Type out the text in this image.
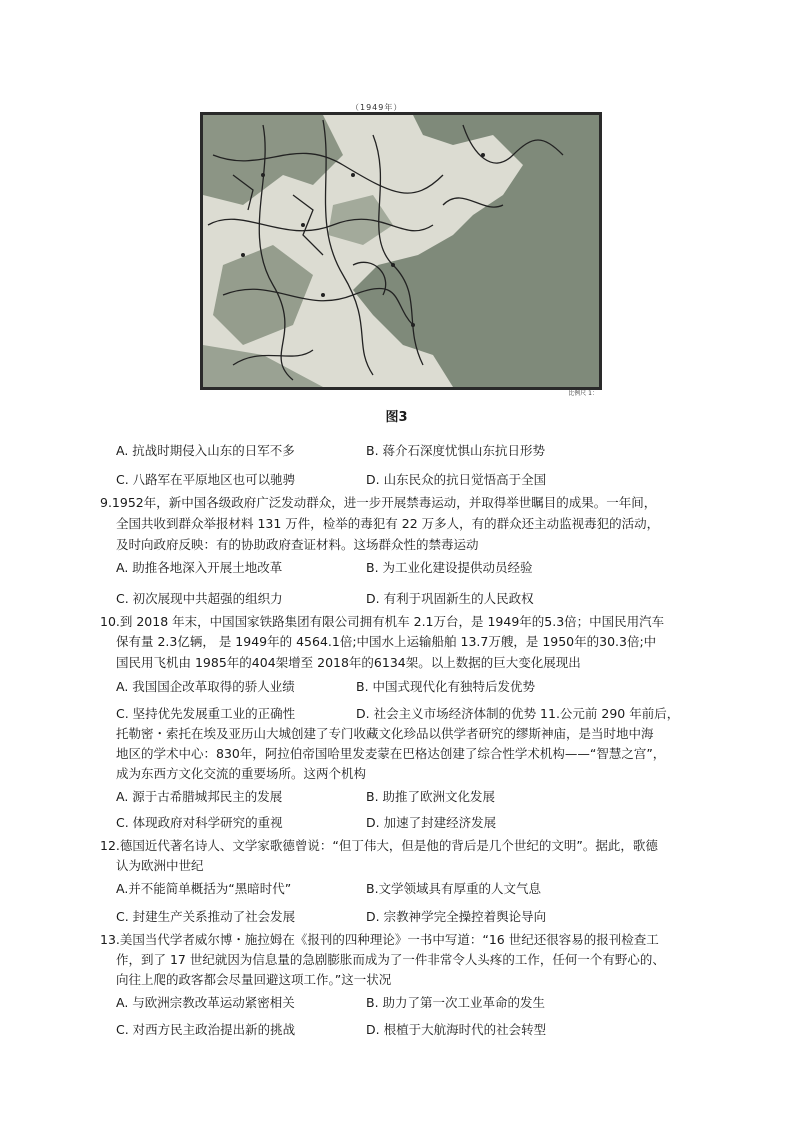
（1949年）
比例尺 1：
图3
A. 抗战时期侵入山东的日军不多	B. 蒋介石深度忧惧山东抗日形势
C. 八路军在平原地区也可以驰骋	D. 山东民众的抗日觉悟高于全国
9.1952年，新中国各级政府广泛发动群众，进一步开展禁毒运动，并取得举世瞩目的成果。一年间，
全国共收到群众举报材料 131 万件，检举的毒犯有 22 万多人，有的群众还主动监视毒犯的活动，
及时向政府反映：有的协助政府查证材料。这场群众性的禁毒运动
A. 助推各地深入开展土地改革	B. 为工业化建设提供动员经验
C. 初次展现中共超强的组织力	D. 有利于巩固新生的人民政权
10.到 2018 年末，中国国家铁路集团有限公司拥有机车 2.1万台，是 1949年的5.3倍；中国民用汽车
保有量 2.3亿辆， 是 1949年的 4564.1倍;中国水上运输船舶 13.7万艘，是 1950年的30.3倍;中
国民用飞机由 1985年的404架增至 2018年的6134架。以上数据的巨大变化展现出
A. 我国国企改革取得的骄人业绩	B. 中国式现代化有独特后发优势
C. 坚持优先发展重工业的正确性	D. 社会主义市场经济体制的优势 11.公元前 290 年前后，
托勒密・索托在埃及亚历山大城创建了专门收藏文化珍品以供学者研究的缪斯神庙，是当时地中海
地区的学术中心：830年，阿拉伯帝国哈里发麦蒙在巴格达创建了综合性学术机构——“智慧之宫”，
成为东西方文化交流的重要场所。这两个机构
A. 源于古希腊城邦民主的发展	B. 助推了欧洲文化发展
C. 体现政府对科学研究的重视	D. 加速了封建经济发展
12.德国近代著名诗人、文学家歌德曾说：“但丁伟大，但是他的背后是几个世纪的文明”。据此，歌德
认为欧洲中世纪
A.并不能简单概括为“黑暗时代”	B.文学领域具有厚重的人文气息
C. 封建生产关系推动了社会发展	D. 宗教神学完全操控着舆论导向
13.美国当代学者威尔博・施拉姆在《报刊的四种理论》一书中写道：“16 世纪还很容易的报刊检查工
作，到了 17 世纪就因为信息量的急剧膨胀而成为了一件非常令人头疼的工作，任何一个有野心的、
向往上爬的政客都会尽量回避这项工作。”这一状况
A. 与欧洲宗教改革运动紧密相关	B. 助力了第一次工业革命的发生
C. 对西方民主政治提出新的挑战	D. 根植于大航海时代的社会转型
